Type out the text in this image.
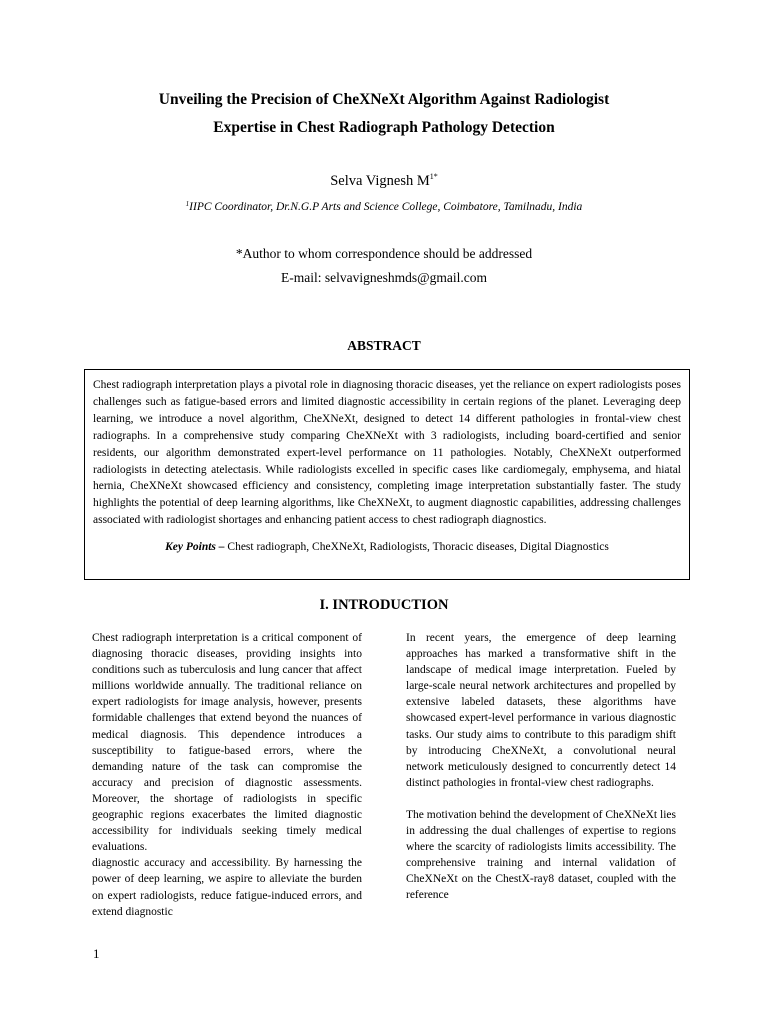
Unveiling the Precision of CheXNeXt Algorithm Against Radiologist
Expertise in Chest Radiograph Pathology Detection
Selva Vignesh $M^{1*}$
$^1$IIPC Coordinator, Dr.N.G.P Arts and Science College, Coimbatore, Tamilnadu, India
*Author to whom correspondence should be addressed
E-mail: selvavigneshmds@gmail.com
ABSTRACT

Chest radiograph interpretation plays a pivotal role in diagnosing thoracic diseases, yet the reliance on expert radiologists poses challenges such as fatigue-based errors and limited diagnostic accessibility in certain regions of the planet. Leveraging deep learning, we introduce a novel algorithm, CheXNeXt, designed to detect 14 different pathologies in frontal-view chest radiographs. In a comprehensive study comparing CheXNeXt with 3 radiologists, including board-certified and senior residents, our algorithm demonstrated expert-level performance on 11 pathologies. Notably, CheXNeXt outperformed radiologists in detecting atelectasis. While radiologists excelled in specific cases like cardiomegaly, emphysema, and hiatal hernia, CheXNeXt showcased efficiency and consistency, completing image interpretation substantially faster. The study highlights the potential of deep learning algorithms, like CheXNeXt, to augment diagnostic capabilities, addressing challenges associated with radiologist shortages and enhancing patient access to chest radiograph diagnostics.

Key Points – Chest radiograph, CheXNeXt, Radiologists, Thoracic diseases, Digital Diagnostics
I. INTRODUCTION

Chest radiograph interpretation is a critical component of diagnosing thoracic diseases, providing insights into conditions such as tuberculosis and lung cancer that affect millions worldwide annually. The traditional reliance on expert radiologists for image analysis, however, presents formidable challenges that extend beyond the nuances of medical diagnosis. This dependence introduces a susceptibility to fatigue-based errors, where the demanding nature of the task can compromise the accuracy and precision of diagnostic assessments. Moreover, the shortage of radiologists in specific geographic regions exacerbates the limited diagnostic accessibility for individuals seeking timely medical evaluations.

diagnostic accuracy and accessibility. By harnessing the power of deep learning, we aspire to alleviate the burden on expert radiologists, reduce fatigue-induced errors, and extend diagnostic

In recent years, the emergence of deep learning approaches has marked a transformative shift in the landscape of medical image interpretation. Fueled by large-scale neural network architectures and propelled by extensive labeled datasets, these algorithms have showcased expert-level performance in various diagnostic tasks. Our study aims to contribute to this paradigm shift by introducing CheXNeXt, a convolutional neural network meticulously designed to concurrently detect 14 distinct pathologies in frontal-view chest radiographs.

The motivation behind the development of CheXNeXt lies in addressing the dual challenges of expertise to regions where the scarcity of radiologists limits accessibility. The comprehensive training and internal validation of CheXNeXt on the ChestX-ray8 dataset, coupled with the reference

1
